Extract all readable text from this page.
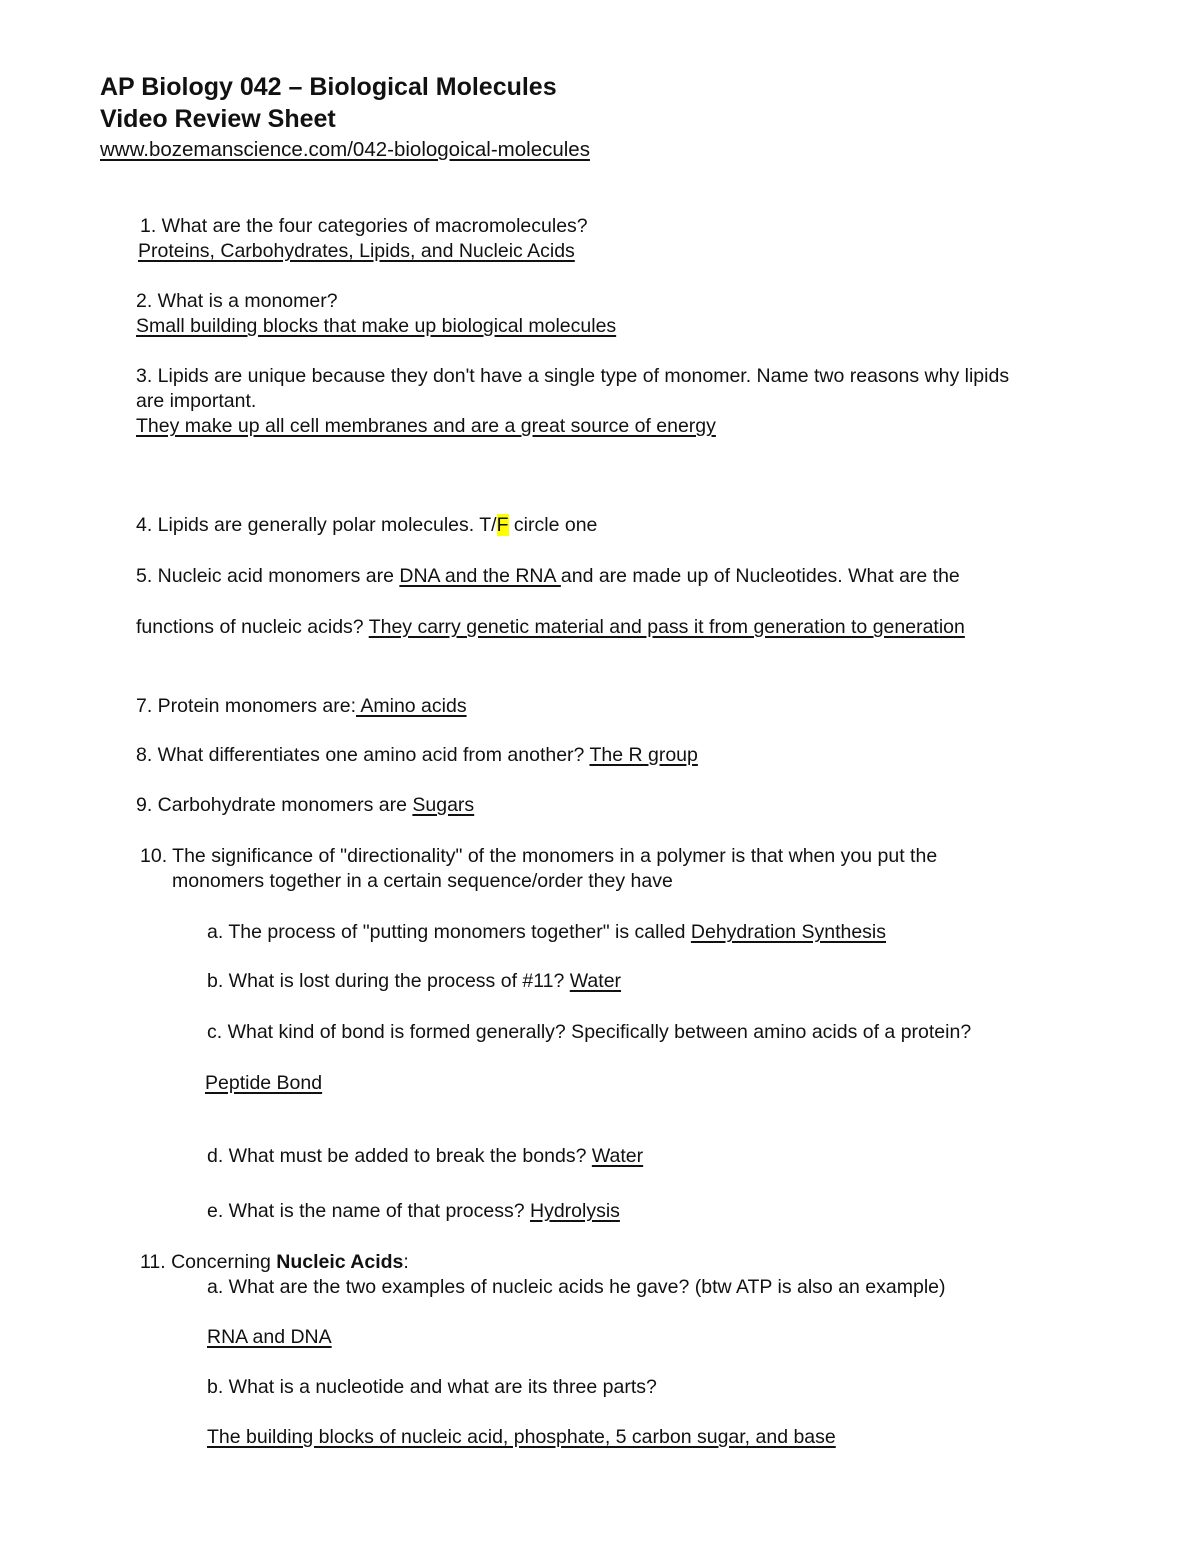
AP Biology 042 – Biological Molecules
Video Review Sheet
www.bozemanscience.com/042-biologoical-molecules
1. What are the four categories of macromolecules?
Proteins, Carbohydrates, Lipids, and Nucleic Acids
2. What is a monomer?
Small building blocks that make up biological molecules
3. Lipids are unique because they don't have a single type of monomer. Name two reasons why lipids
are important.
They make up all cell membranes and are a great source of energy
4. Lipids are generally polar molecules. T/F circle one
5. Nucleic acid monomers are DNA and the RNA and are made up of Nucleotides. What are the
functions of nucleic acids? They carry genetic material and pass it from generation to generation
7. Protein monomers are: Amino acids
8. What differentiates one amino acid from another? The R group
9. Carbohydrate monomers are Sugars
10. The significance of "directionality" of the monomers in a polymer is that when you put the
monomers together in a certain sequence/order they have
a. The process of "putting monomers together" is called Dehydration Synthesis
b. What is lost during the process of #11? Water
c. What kind of bond is formed generally? Specifically between amino acids of a protein?
Peptide Bond
d. What must be added to break the bonds? Water
e. What is the name of that process? Hydrolysis
11. Concerning Nucleic Acids:
a. What are the two examples of nucleic acids he gave? (btw ATP is also an example)
RNA and DNA
b. What is a nucleotide and what are its three parts?
The building blocks of nucleic acid, phosphate, 5 carbon sugar, and base
